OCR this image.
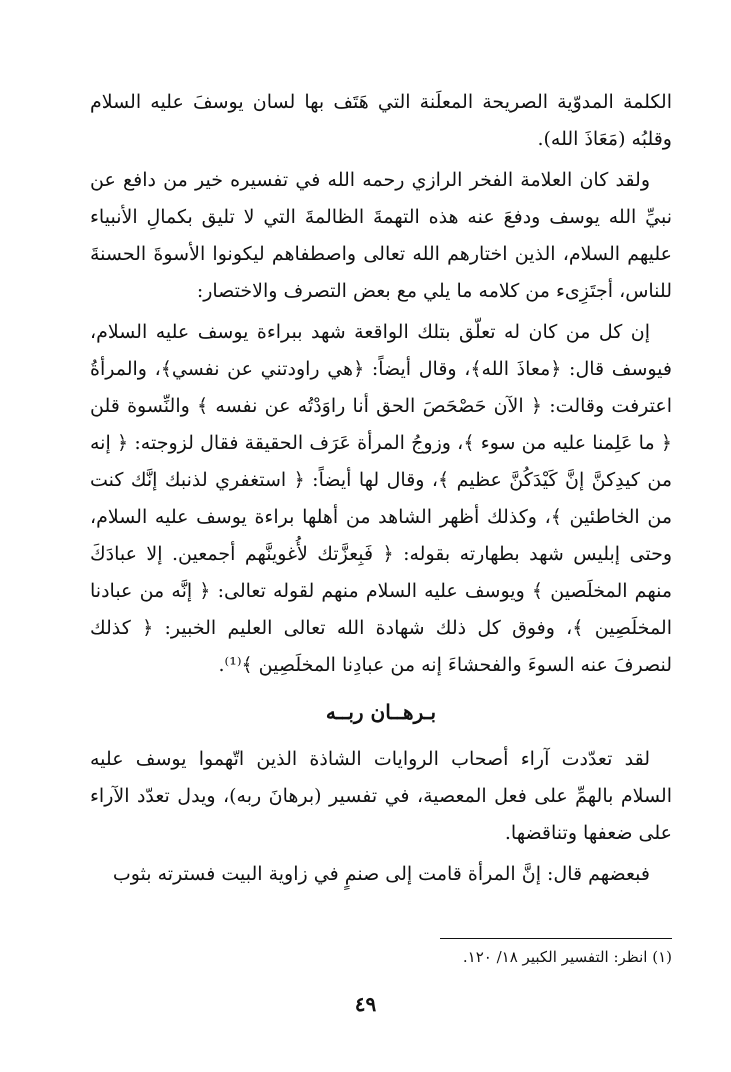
الكلمة المدوّية الصريحة المعلَنة التي هَتَف بها لسان يوسفَ عليه السلام وقلبُه (مَعَاذَ الله).

ولقد كان العلامة الفخر الرازي رحمه الله في تفسيره خير من دافع عن نبيِّ الله يوسف ودفعَ عنه هذه التهمةَ الظالمةَ التي لا تليق بكمالِ الأنبياء عليهم السلام، الذين اختارهم الله تعالى واصطفاهم ليكونوا الأسوةَ الحسنةَ للناس، أجتَزِىء من كلامه ما يلي مع بعض التصرف والاختصار:

إن كل من كان له تعلّق بتلك الواقعة شهد ببراءة يوسف عليه السلام، فيوسف قال: ﴿معاذَ الله﴾، وقال أيضاً: ﴿هي راودتني عن نفسي﴾، والمرأةُ اعترفت وقالت: ﴿ الآن حَصْحَصَ الحق أنا راوَدْتُه عن نفسه ﴾ والنِّسوة قلن ﴿ ما عَلِمنا عليه من سوء ﴾، وزوجُ المرأة عَرَف الحقيقة فقال لزوجته: ﴿ إنه من كيدِكنَّ إنَّ كَيْدَكُنَّ عظيم ﴾، وقال لها أيضاً: ﴿ استغفري لذنبك إنَّك كنت من الخاطئين ﴾، وكذلك أظهر الشاهد من أهلها براءة يوسف عليه السلام، وحتى إبليس شهد بطهارته بقوله: ﴿ فَبِعزَّتك لأُغوينَّهم أجمعين. إلا عبادَكَ منهم المخلَصين ﴾ ويوسف عليه السلام منهم لقوله تعالى: ﴿ إنَّه من عبادنا المخلَصِين ﴾، وفوق كل ذلك شهادة الله تعالى العليم الخبير: ﴿ كذلك لنصرفَ عنه السوءَ والفحشاءَ إنه من عبادِنا المخلَصِين ﴾⁽¹⁾.

بـرهــان ربــه

لقد تعدّدت آراء أصحاب الروايات الشاذة الذين اتّهموا يوسف عليه السلام بالهمِّ على فعل المعصية، في تفسير (برهانَ ربه)، ويدل تعدّد الآراء على ضعفها وتناقضها.

فبعضهم قال: إنَّ المرأة قامت إلى صنمٍ في زاوية البيت فسترته بثوب

(١) انظر: التفسير الكبير ١٨/ ١٢٠.
٤٩
